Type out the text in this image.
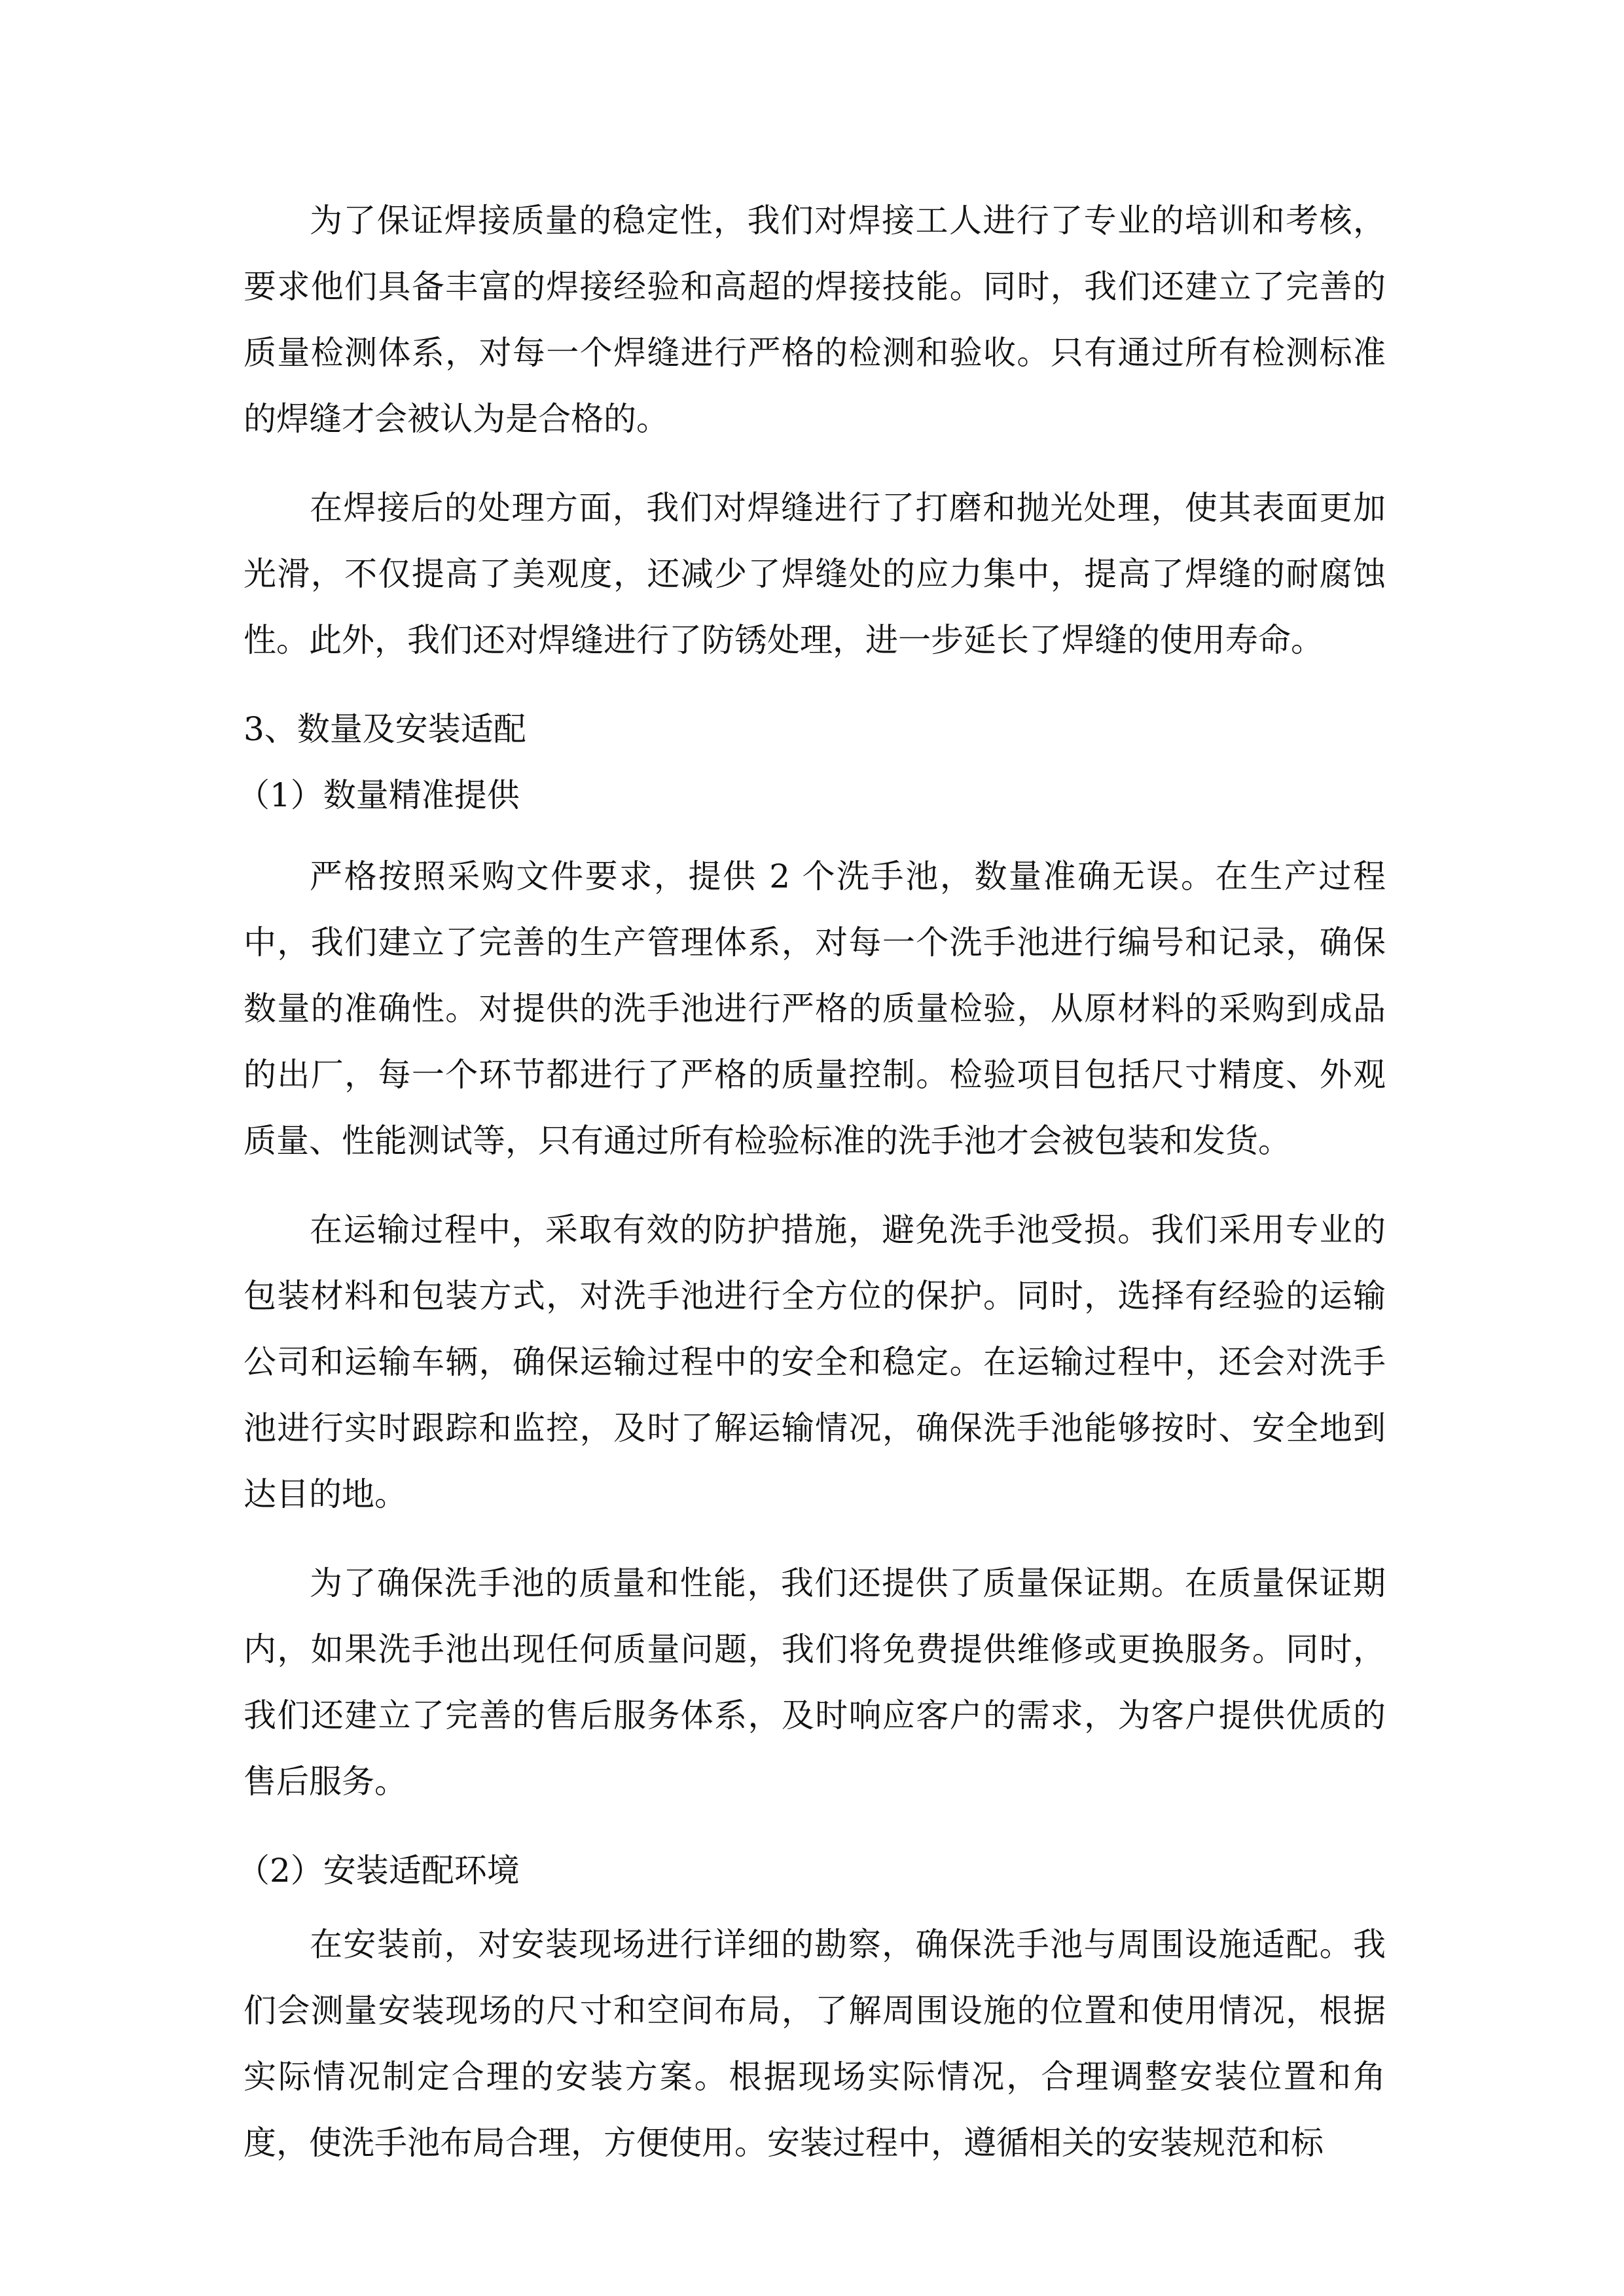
为了保证焊接质量的稳定性，我们对焊接工人进行了专业的培训和考核，
要求他们具备丰富的焊接经验和高超的焊接技能。同时，我们还建立了完善的
质量检测体系，对每一个焊缝进行严格的检测和验收。只有通过所有检测标准
的焊缝才会被认为是合格的。
在焊接后的处理方面，我们对焊缝进行了打磨和抛光处理，使其表面更加
光滑，不仅提高了美观度，还减少了焊缝处的应力集中，提高了焊缝的耐腐蚀
性。此外，我们还对焊缝进行了防锈处理，进一步延长了焊缝的使用寿命。
3、数量及安装适配
（1）数量精准提供
严格按照采购文件要求，提供 2 个洗手池，数量准确无误。在生产过程
中，我们建立了完善的生产管理体系，对每一个洗手池进行编号和记录，确保
数量的准确性。对提供的洗手池进行严格的质量检验，从原材料的采购到成品
的出厂，每一个环节都进行了严格的质量控制。检验项目包括尺寸精度、外观
质量、性能测试等，只有通过所有检验标准的洗手池才会被包装和发货。
在运输过程中，采取有效的防护措施，避免洗手池受损。我们采用专业的
包装材料和包装方式，对洗手池进行全方位的保护。同时，选择有经验的运输
公司和运输车辆，确保运输过程中的安全和稳定。在运输过程中，还会对洗手
池进行实时跟踪和监控，及时了解运输情况，确保洗手池能够按时、安全地到
达目的地。
为了确保洗手池的质量和性能，我们还提供了质量保证期。在质量保证期
内，如果洗手池出现任何质量问题，我们将免费提供维修或更换服务。同时，
我们还建立了完善的售后服务体系，及时响应客户的需求，为客户提供优质的
售后服务。
（2）安装适配环境
在安装前，对安装现场进行详细的勘察，确保洗手池与周围设施适配。我
们会测量安装现场的尺寸和空间布局，了解周围设施的位置和使用情况，根据
实际情况制定合理的安装方案。根据现场实际情况，合理调整安装位置和角
度，使洗手池布局合理，方便使用。安装过程中，遵循相关的安装规范和标
